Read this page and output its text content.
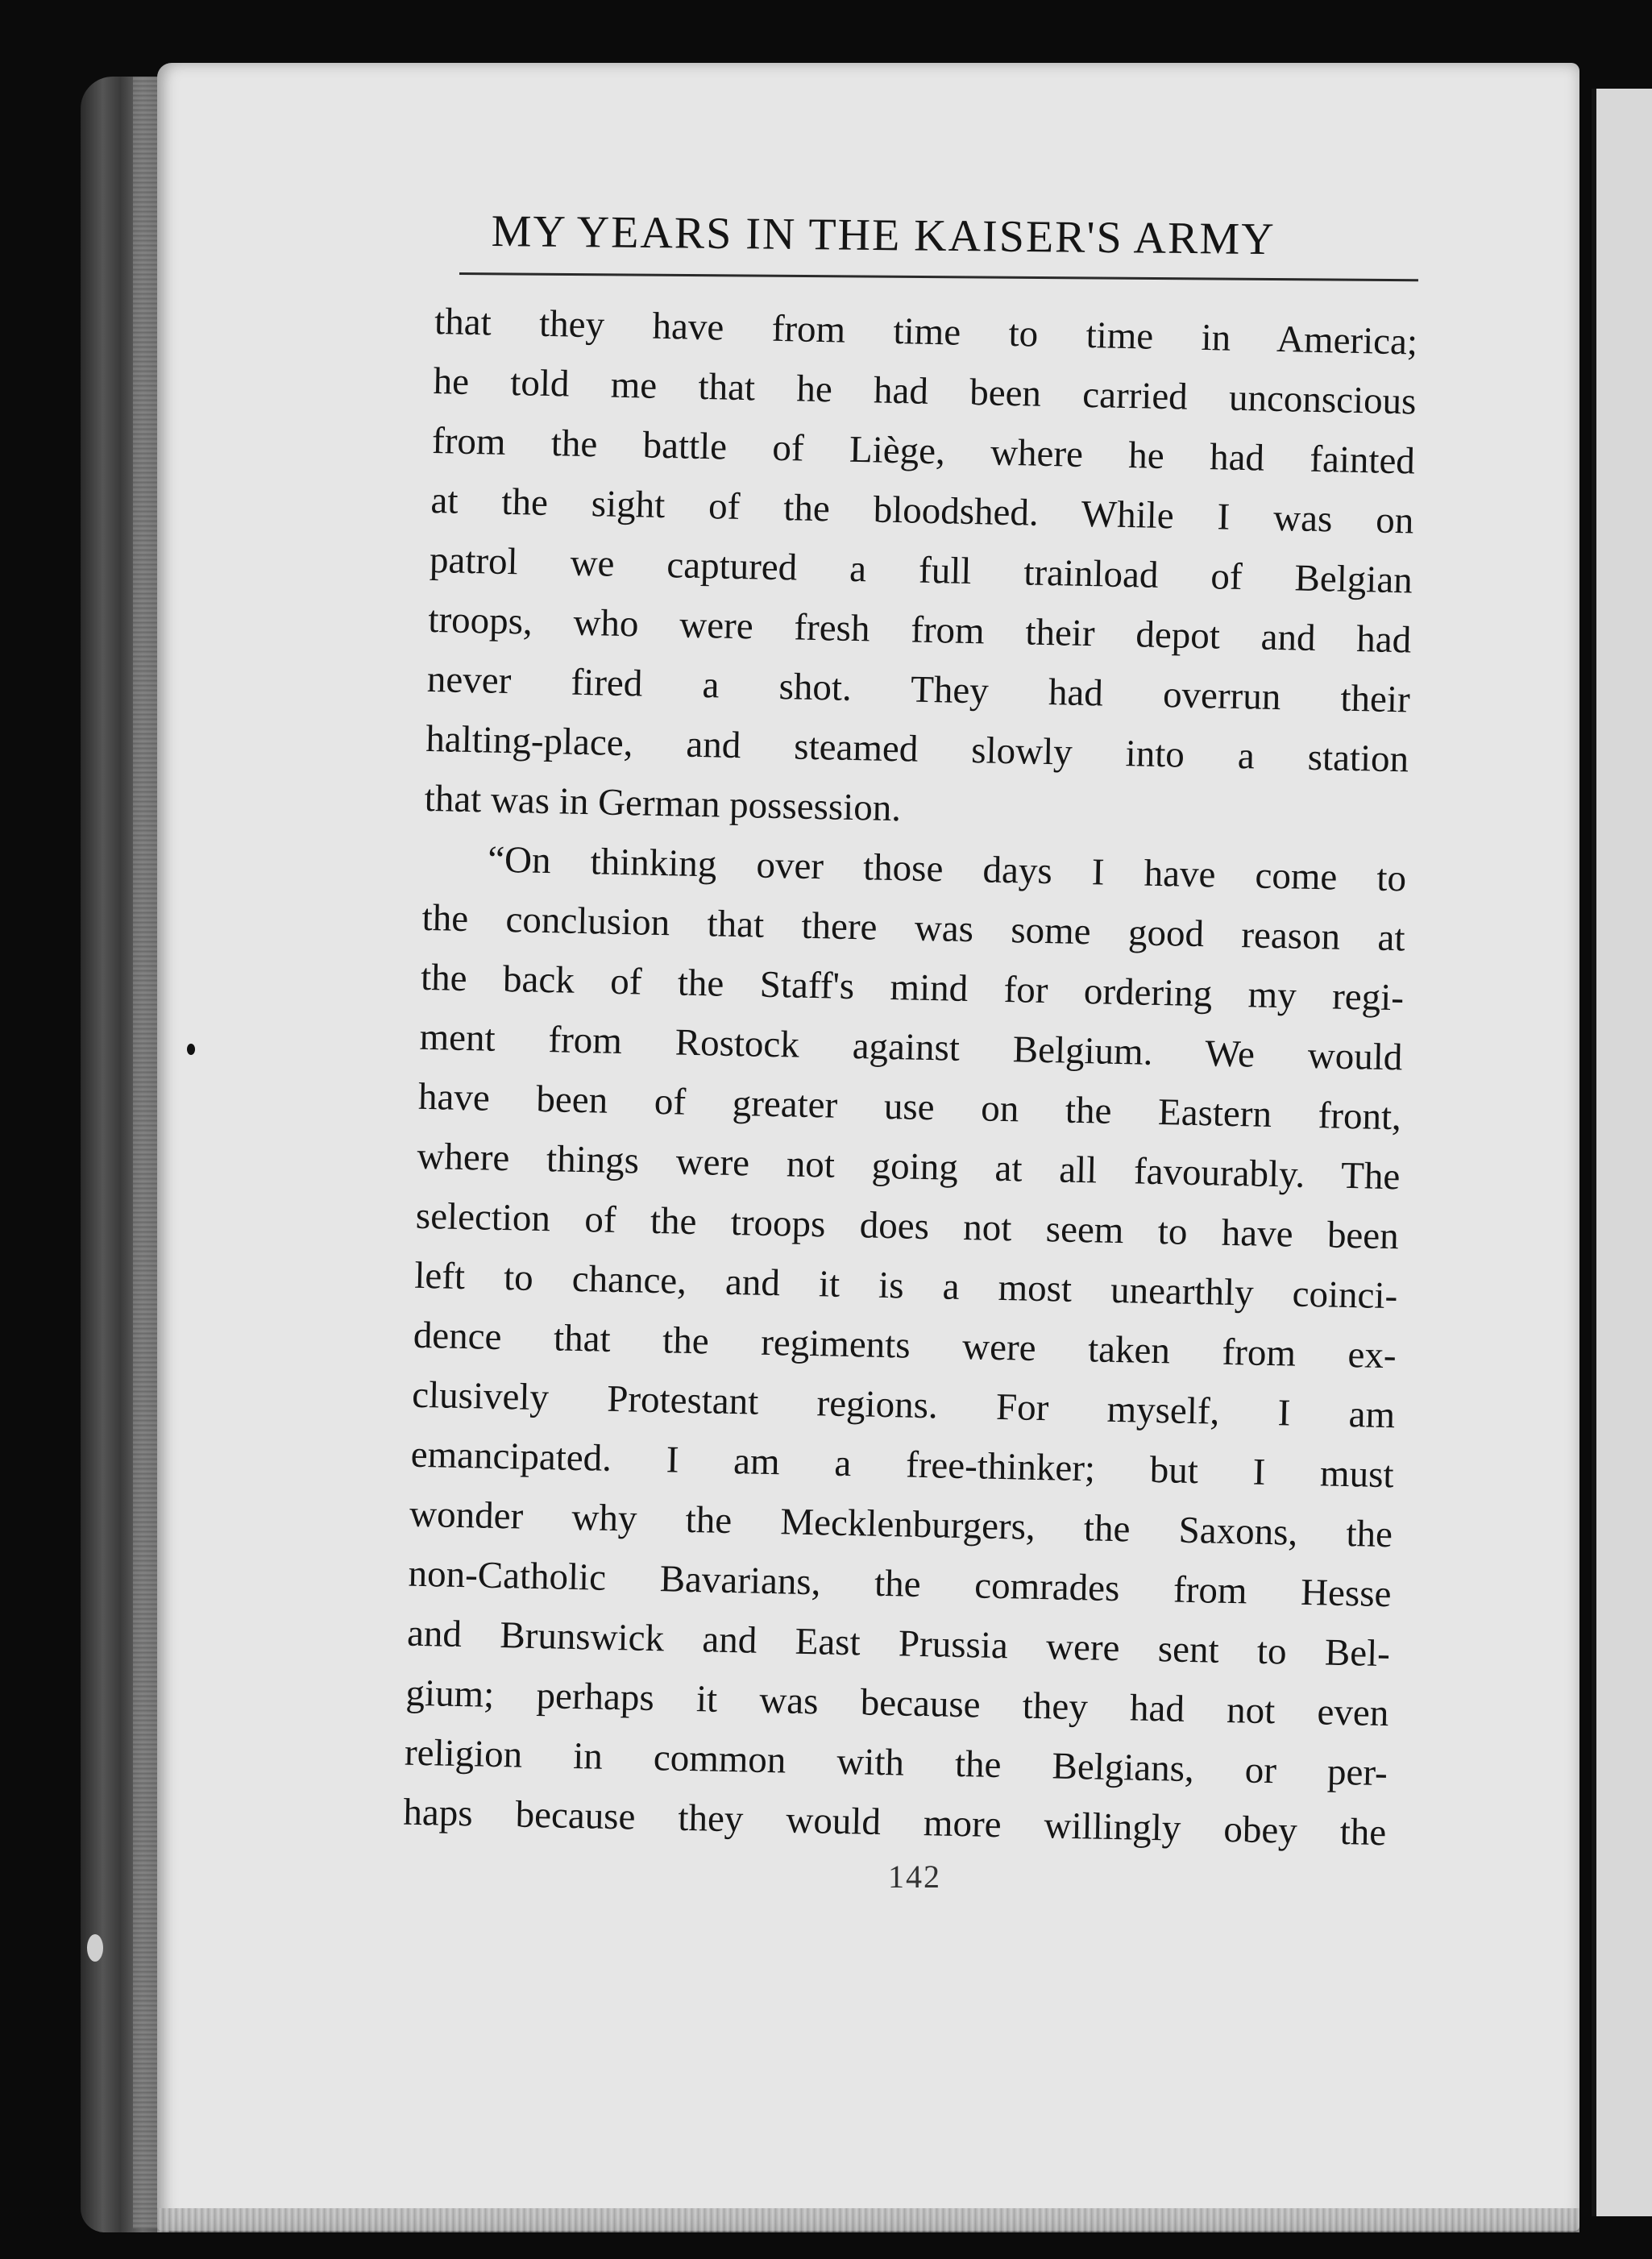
MY YEARS IN THE KAISER'S ARMY
that they have from time to time in America;
he told me that he had been carried unconscious
from the battle of Liège, where he had fainted
at the sight of the bloodshed. While I was on
patrol we captured a full trainload of Belgian
troops, who were fresh from their depot and had
never fired a shot. They had overrun their
halting-place, and steamed slowly into a station
that was in German possession.
“On thinking over those days I have come to
the conclusion that there was some good reason at
the back of the Staff's mind for ordering my regi-
ment from Rostock against Belgium. We would
have been of greater use on the Eastern front,
where things were not going at all favourably. The
selection of the troops does not seem to have been
left to chance, and it is a most unearthly coinci-
dence that the regiments were taken from ex-
clusively Protestant regions. For myself, I am
emancipated. I am a free-thinker; but I must
wonder why the Mecklenburgers, the Saxons, the
non-Catholic Bavarians, the comrades from Hesse
and Brunswick and East Prussia were sent to Bel-
gium; perhaps it was because they had not even
religion in common with the Belgians, or per-
haps because they would more willingly obey the
142
